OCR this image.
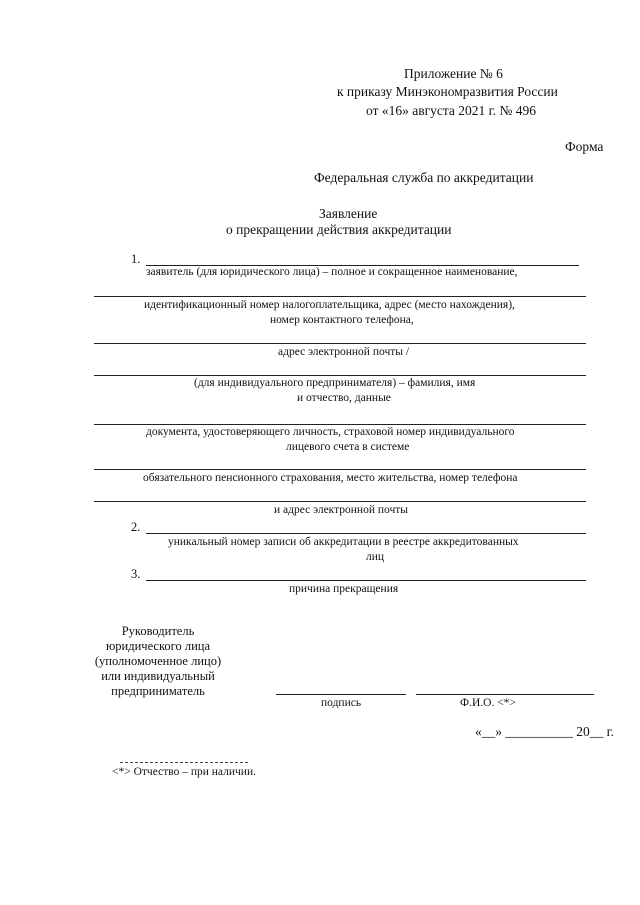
Приложение № 6
к приказу Минэкономразвития России
от «16» августа 2021 г. № 496
Форма
Федеральная служба по аккредитации
Заявление
о прекращении действия аккредитации
1.
заявитель (для юридического лица) – полное и сокращенное наименование,
идентификационный номер налогоплательщика, адрес (место нахождения),
номер контактного телефона,
адрес электронной почты /
(для индивидуального предпринимателя) – фамилия, имя
и отчество, данные
документа, удостоверяющего личность, страховой номер индивидуального
лицевого счета в системе
обязательного пенсионного страхования, место жительства, номер телефона
и адрес электронной почты
2.
уникальный номер записи об аккредитации в реестре аккредитованных
лиц
3.
причина прекращения
Руководитель
юридического лица
(уполномоченное лицо)
или индивидуальный
предприниматель
подпись	Ф.И.О. <*>
«__» __________ 20__ г.
<*> Отчество – при наличии.
